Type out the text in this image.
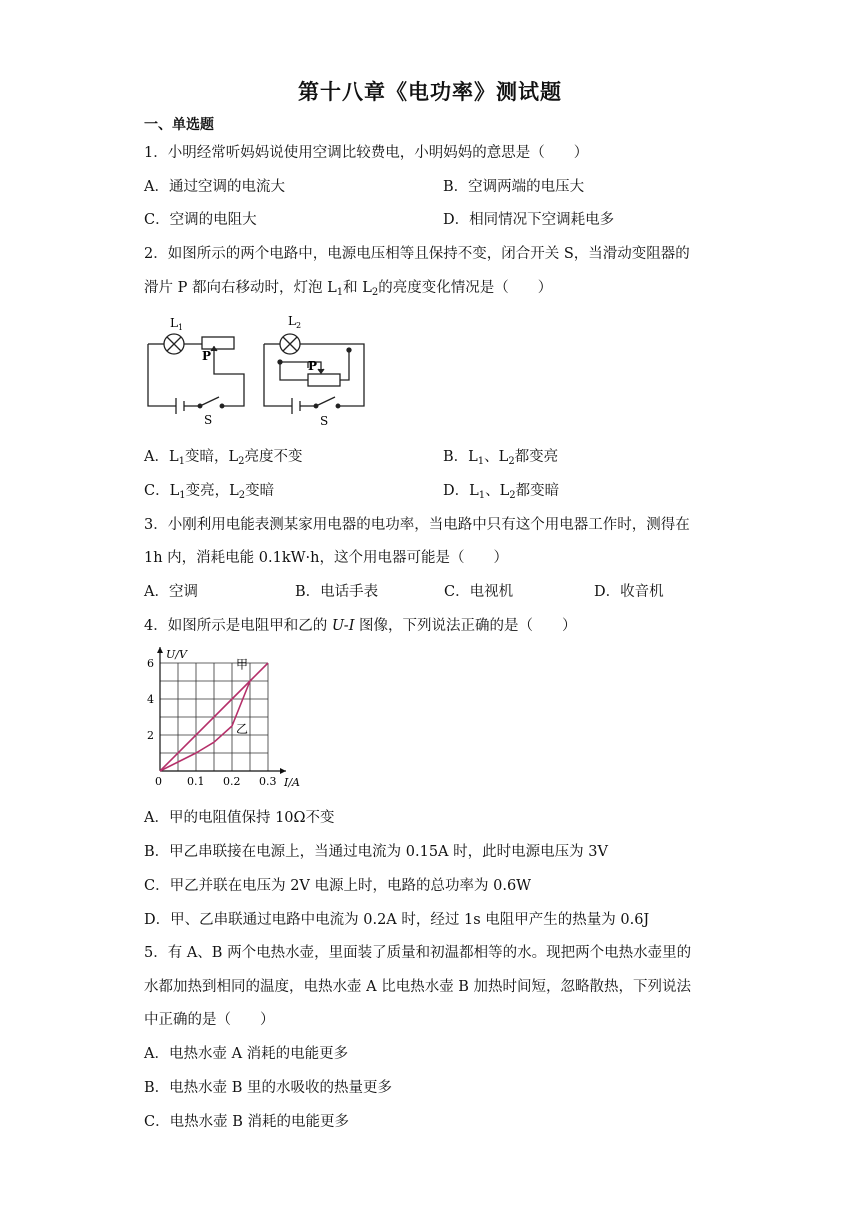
第十八章《电功率》测试题
一、单选题
1．小明经常听妈妈说使用空调比较费电，小明妈妈的意思是（　　）
A．通过空调的电流大	B．空调两端的电压大
C．空调的电阻大	D．相同情况下空调耗电多
2．如图所示的两个电路中，电源电压相等且保持不变，闭合开关 S，当滑动变阻器的
滑片 P 都向右移动时，灯泡 $L_1$和 $L_2$的亮度变化情况是（　　）
$L_1$
P
S
$L_2$
P
S
A．$L_1$变暗，$L_2$亮度不变	B．$L_1$、$L_2$都变亮
C．$L_1$变亮，$L_2$变暗	D．$L_1$、$L_2$都变暗
3．小刚利用电能表测某家用电器的电功率，当电路中只有这个用电器工作时，测得在
1h 内，消耗电能 0.1kW·h，这个用电器可能是（　　）
A．空调	B．电话手表	C．电视机	D．收音机
4．如图所示是电阻甲和乙的 U-I 图像，下列说法正确的是（　　）
0.1 0.2 0.3
2
4
6
0	I/A
U/V
甲
乙
A．甲的电阻值保持 10Ω不变
B．甲乙串联接在电源上，当通过电流为 0.15A 时，此时电源电压为 3V
C．甲乙并联在电压为 2V 电源上时，电路的总功率为 0.6W
D．甲、乙串联通过电路中电流为 0.2A 时，经过 1s 电阻甲产生的热量为 0.6J
5．有 A、B 两个电热水壶，里面装了质量和初温都相等的水。现把两个电热水壶里的
水都加热到相同的温度，电热水壶 A 比电热水壶 B 加热时间短，忽略散热，下列说法
中正确的是（　　）
A．电热水壶 A 消耗的电能更多
B．电热水壶 B 里的水吸收的热量更多
C．电热水壶 B 消耗的电能更多
